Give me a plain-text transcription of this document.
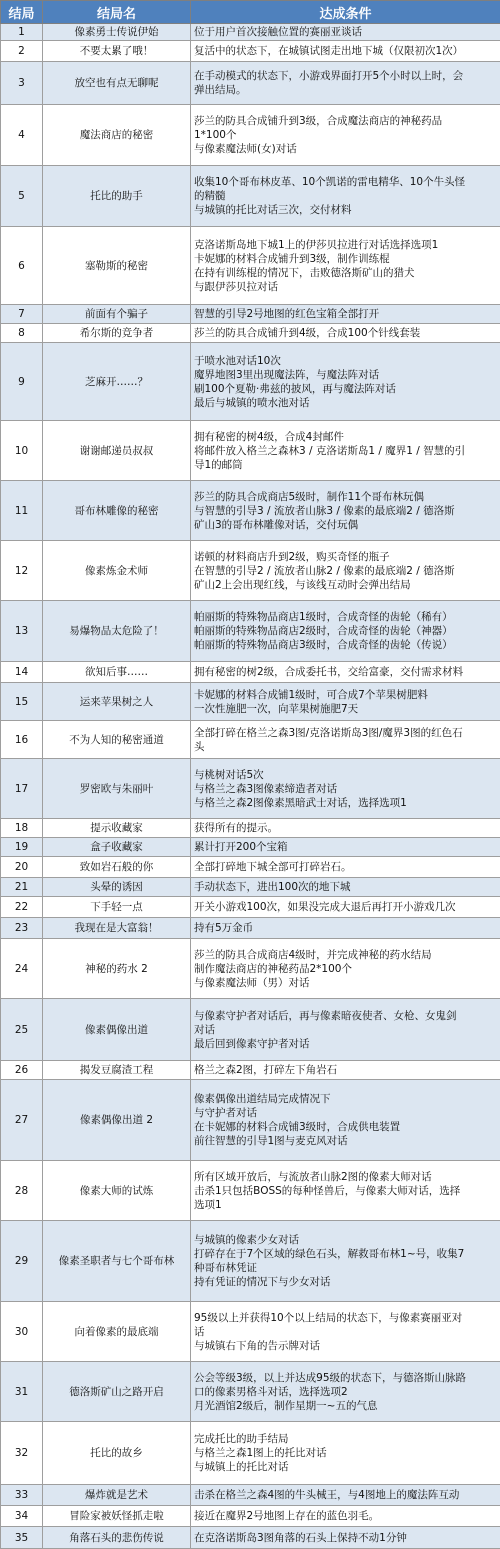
结局	结局名	达成条件
1	像素勇士传说伊始	位于用户首次接触位置的赛丽亚谈话

2	不要太累了哦！	复活中的状态下，在城镇试图走出地下城（仅限初次1次）

3	放空也有点无聊呢	在手动模式的状态下，小游戏界面打开5个小时以上时，会
弹出结局。

4	魔法商店的秘密	莎兰的防具合成铺升到3级，合成魔法商店的神秘药品
1*100个
与像素魔法师(女)对话

5	托比的助手	收集10个哥布林皮革、10个凯诺的雷电精华、10个牛头怪
的精髓
与城镇的托比对话三次，交付材料

6	塞勒斯的秘密	克洛诺斯岛地下城1上的伊莎贝拉进行对话选择选项1
卡妮娜的材料合成铺升到3级，制作训练棍
在持有训练棍的情况下，击败德洛斯矿山的猎犬
与跟伊莎贝拉对话

7	前面有个骗子	智慧的引导2号地图的红色宝箱全部打开

8	希尔斯的竞争者	莎兰的防具合成铺升到4级，合成100个针线套装

9	芝麻开……？	于喷水池对话10次
魔界地图3里出现魔法阵，与魔法阵对话
刷100个夏勒·弗兹的披风，再与魔法阵对话
最后与城镇的喷水池对话

10	谢谢邮递员叔叔	拥有秘密的树4级，合成4封邮件
将邮件放入格兰之森林3 / 克洛诺斯岛1 / 魔界1 / 智慧的引
导1的邮筒

11	哥布林雕像的秘密	莎兰的防具合成商店5级时，制作11个哥布林玩偶
与智慧的引导3 / 流放者山脉3 / 像素的最底端2 / 德洛斯
矿山3的哥布林雕像对话，交付玩偶

12	像素炼金术师	诺顿的材料商店升到2级，购买奇怪的瓶子
在智慧的引导2 / 流放者山脉2 / 像素的最底端2 / 德洛斯
矿山2上会出现红线，与该线互动时会弹出结局

13	易爆物品太危险了！	帕丽斯的特殊物品商店1级时，合成奇怪的齿轮（稀有）
帕丽斯的特殊物品商店2级时，合成奇怪的齿轮（神器）
帕丽斯的特殊物品商店3级时，合成奇怪的齿轮（传说）

14	欲知后事……	拥有秘密的树2级，合成委托书，交给富豪，交付需求材料

15	运来苹果树之人	卡妮娜的材料合成铺1级时，可合成7个苹果树肥料
一次性施肥一次，向苹果树施肥7天

16	不为人知的秘密通道	全部打碎在格兰之森3图/克洛诺斯岛3图/魔界3图的红色石
头

17	罗密欧与朱丽叶	与桃树对话5次
与格兰之森3图像素缔造者对话
与格兰之森2图像素黑暗武士对话，选择选项1

18	提示收藏家	获得所有的提示。

19	盒子收藏家	累计打开200个宝箱

20	致如岩石般的你	全部打碎地下城全部可打碎岩石。

21	头晕的诱因	手动状态下，进出100次的地下城

22	下手轻一点	开关小游戏100次，如果没完成大退后再打开小游戏几次

23	我现在是大富翁！	持有5万金币

24	神秘的药水 2	莎兰的防具合成商店4级时，并完成神秘的药水结局
制作魔法商店的神秘药品2*100个
与像素魔法师（男）对话

25	像素偶像出道	与像素守护者对话后，再与像素暗夜使者、女枪、女鬼剑
对话
最后回到像素守护者对话

26	揭发豆腐渣工程	格兰之森2图，打碎左下角岩石

27	像素偶像出道 2	像素偶像出道结局完成情况下
与守护者对话
在卡妮娜的材料合成铺3级时，合成供电装置
前往智慧的引导1图与麦克风对话

28	像素大师的试炼	所有区域开放后，与流放者山脉2图的像素大师对话
击杀1只包括BOSS的每种怪兽后，与像素大师对话，选择
选项1

29	像素圣职者与七个哥布林	与城镇的像素少女对话
打碎存在于7个区域的绿色石头，解救哥布林1~号，收集7
种哥布林凭证
持有凭证的情况下与少女对话

30	向着像素的最底端	95级以上并获得10个以上结局的状态下，与像素赛丽亚对
话
与城镇右下角的告示牌对话

31	德洛斯矿山之路开启	公会等级3级，以上并达成95级的状态下，与德洛斯山脉路
口的像素男格斗对话，选择选项2
月光酒馆2级后，制作星期一~五的气息

32	托比的故乡	完成托比的助手结局
与格兰之森1图上的托比对话
与城镇上的托比对话

33	爆炸就是艺术	击杀在格兰之森4图的牛头械王，与4图地上的魔法阵互动

34	冒险家被妖怪抓走啦	接近在魔界2号地图上存在的蓝色羽毛。

35	角落石头的悲伤传说	在克洛诺斯岛3图角落的石头上保持不动1分钟
